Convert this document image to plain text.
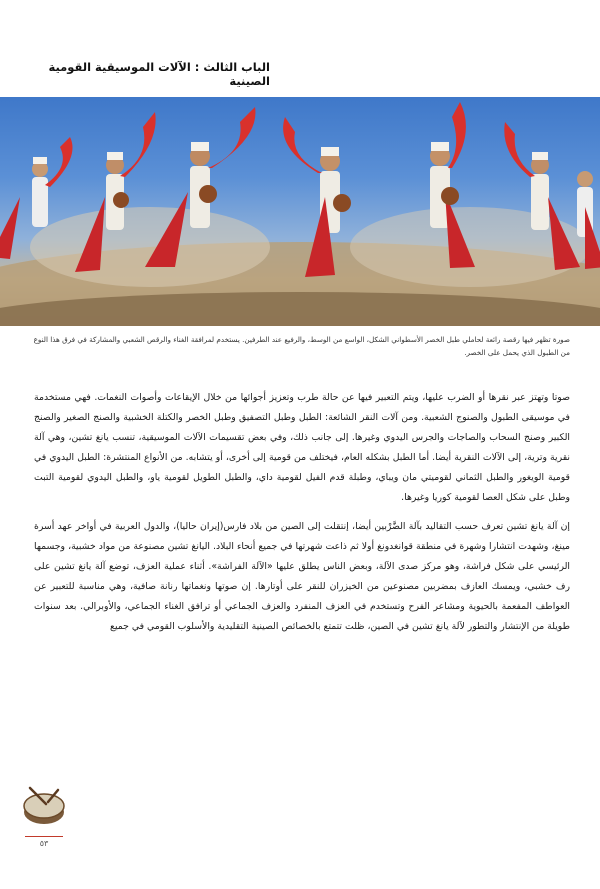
الباب الثالث : الآلات الموسيقية القومية الصينية
صورة تظهر فيها رقصة رائعة لحاملي طبل الخصر الأسطواني الشكل، الواسع من الوسط، والرفيع عند الطرفين. يستخدم لمرافقة الغناء والرقص الشعبي والمشاركة في فرق هذا النوع من الطبول الذي يحمل على الخصر.

صوتا وتهتز عبر نقرها أو الضرب عليها، ويتم التعبير فيها عن حالة طرب وتعزيز أجوائها من خلال الإيقاعات وأصوات النغمات. فهي مستخدمة في موسيقى الطبول والصنوج الشعبية. ومن آلات النقر الشائعة: الطبل وطبل التصفيق وطبل الخصر والكتلة الخشبية والصنج الصغير والصنج الكبير وصنج السحاب والصاجات والجرس اليدوي وغيرها. إلى جانب ذلك، وفي بعض تقسيمات الآلات الموسيقية، تنسب يانغ تشين، وهي آلة نقرية وترية، إلى الآلات النقرية أيضا. أما الطبل بشكله العام، فيختلف من قومية إلى أخرى، أو يتشابه. من الأنواع المنتشرة: الطبل اليدوي في قومية الويغور والطبل الثماني لقوميتي مان ويباي، وطبلة قدم الفيل لقومية داي، والطبل الطويل لقومية ياو، والطبل اليدوي لقومية التبت وطبل على شكل العصا لقومية كوريا وغيرها.

إن آلة يانغ تشين تعرف حسب التقاليد بآلة الضَّرْبين أيضا، إنتقلت إلى الصين من بلاد فارس(إيران حاليا)، والدول العربية في أواخر عهد أسرة مينغ، وشهدت انتشارا وشهرة في منطقة قوانغدونغ أولا ثم ذاعت شهرتها في جميع أنحاء البلاد. اليانغ تشين مصنوعة من مواد خشبية، وجسمها الرئيسي على شكل فراشة، وهو مركز صدى الآلة، وبعض الناس يطلق عليها «الآلة الفراشة». أثناء عملية العزف، توضع آلة يانغ تشين على رف خشبي، ويمسك العازف بمضربين مصنوعين من الخيزران للنقر على أوتارها. إن صوتها ونغماتها رنانة صافية، وهي مناسبة للتعبير عن العواطف المفعمة بالحيوية ومشاعر الفرح وتستخدم في العزف المنفرد والعزف الجماعي أو ترافق الغناء الجماعي، والأوبرالي. بعد سنوات طويلة من الإنتشار والتطور لآلة يانغ تشين في الصين، ظلت تتمتع بالخصائص الصينية التقليدية والأسلوب القومي في جميع

٥٣
